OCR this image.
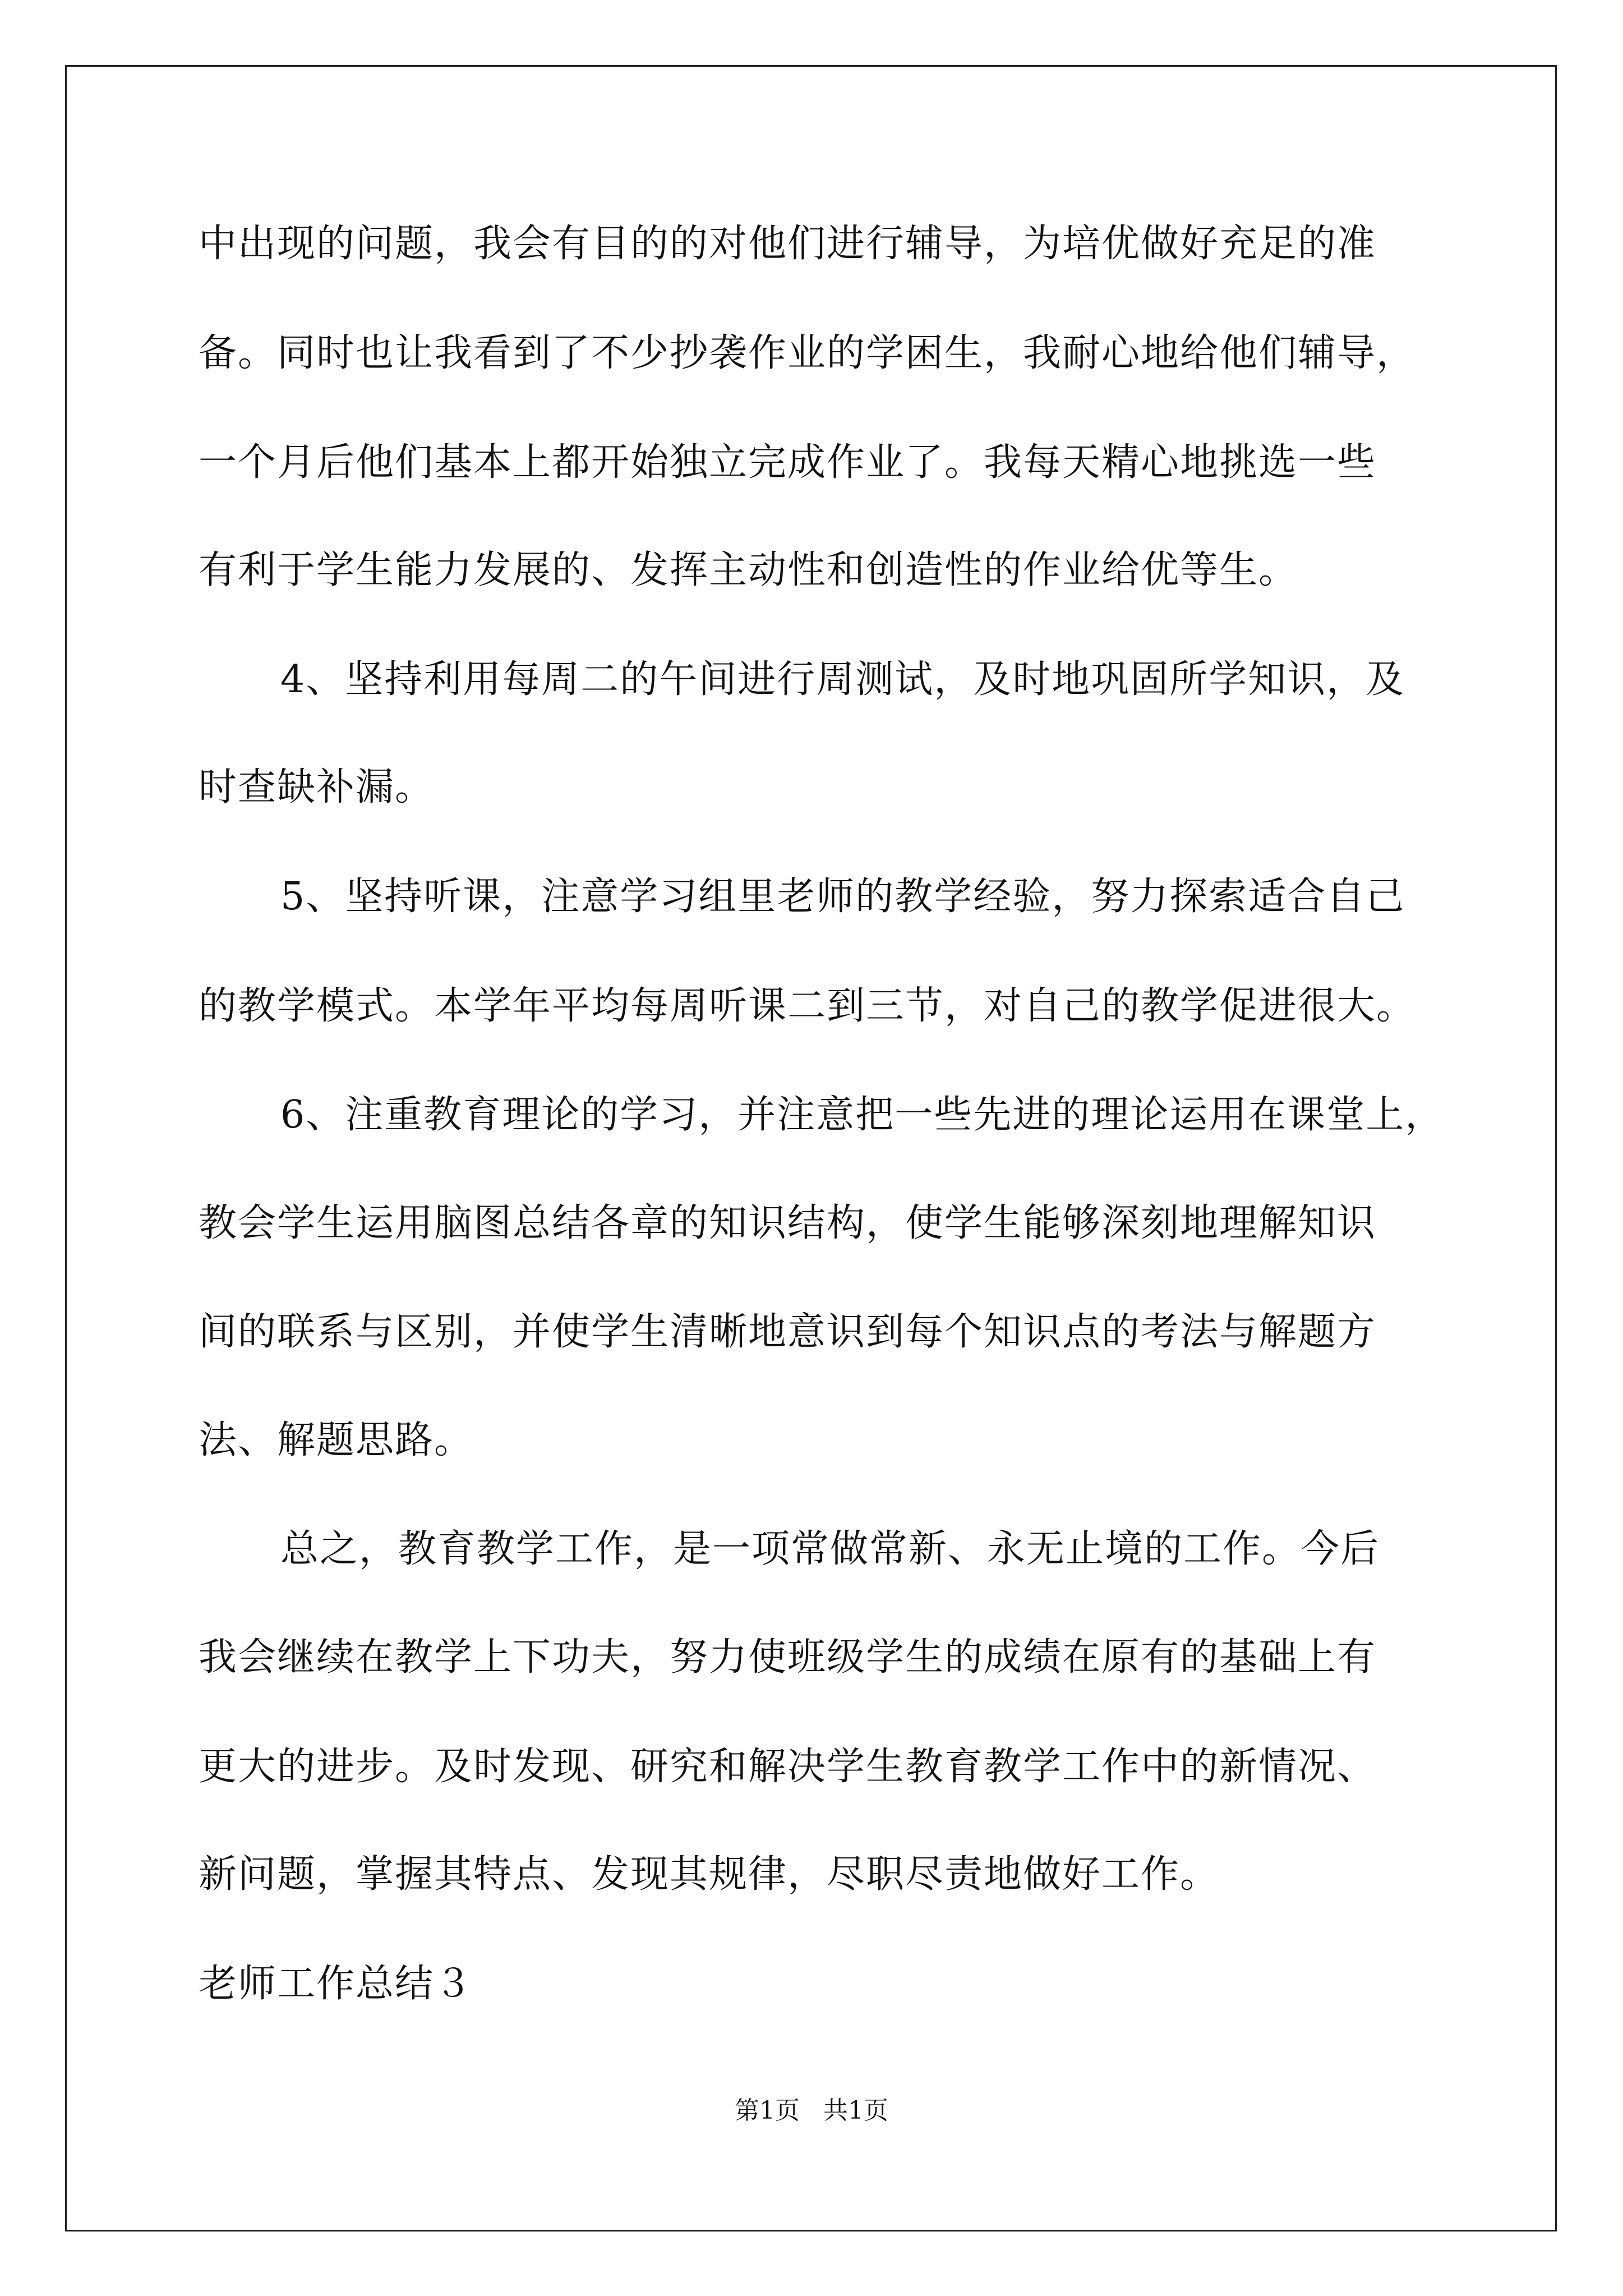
中出现的问题，我会有目的的对他们进行辅导，为培优做好充足的准
备。同时也让我看到了不少抄袭作业的学困生，我耐心地给他们辅导，
一个月后他们基本上都开始独立完成作业了。我每天精心地挑选一些
有利于学生能力发展的、发挥主动性和创造性的作业给优等生。
4、坚持利用每周二的午间进行周测试，及时地巩固所学知识，及
时查缺补漏。
5、坚持听课，注意学习组里老师的教学经验，努力探索适合自己
的教学模式。本学年平均每周听课二到三节，对自己的教学促进很大。
6、注重教育理论的学习，并注意把一些先进的理论运用在课堂上，
教会学生运用脑图总结各章的知识结构，使学生能够深刻地理解知识
间的联系与区别，并使学生清晰地意识到每个知识点的考法与解题方
法、解题思路。
总之，教育教学工作，是一项常做常新、永无止境的工作。今后
我会继续在教学上下功夫，努力使班级学生的成绩在原有的基础上有
更大的进步。及时发现、研究和解决学生教育教学工作中的新情况、
新问题，掌握其特点、发现其规律，尽职尽责地做好工作。
老师工作总结３
第1页   共1页
